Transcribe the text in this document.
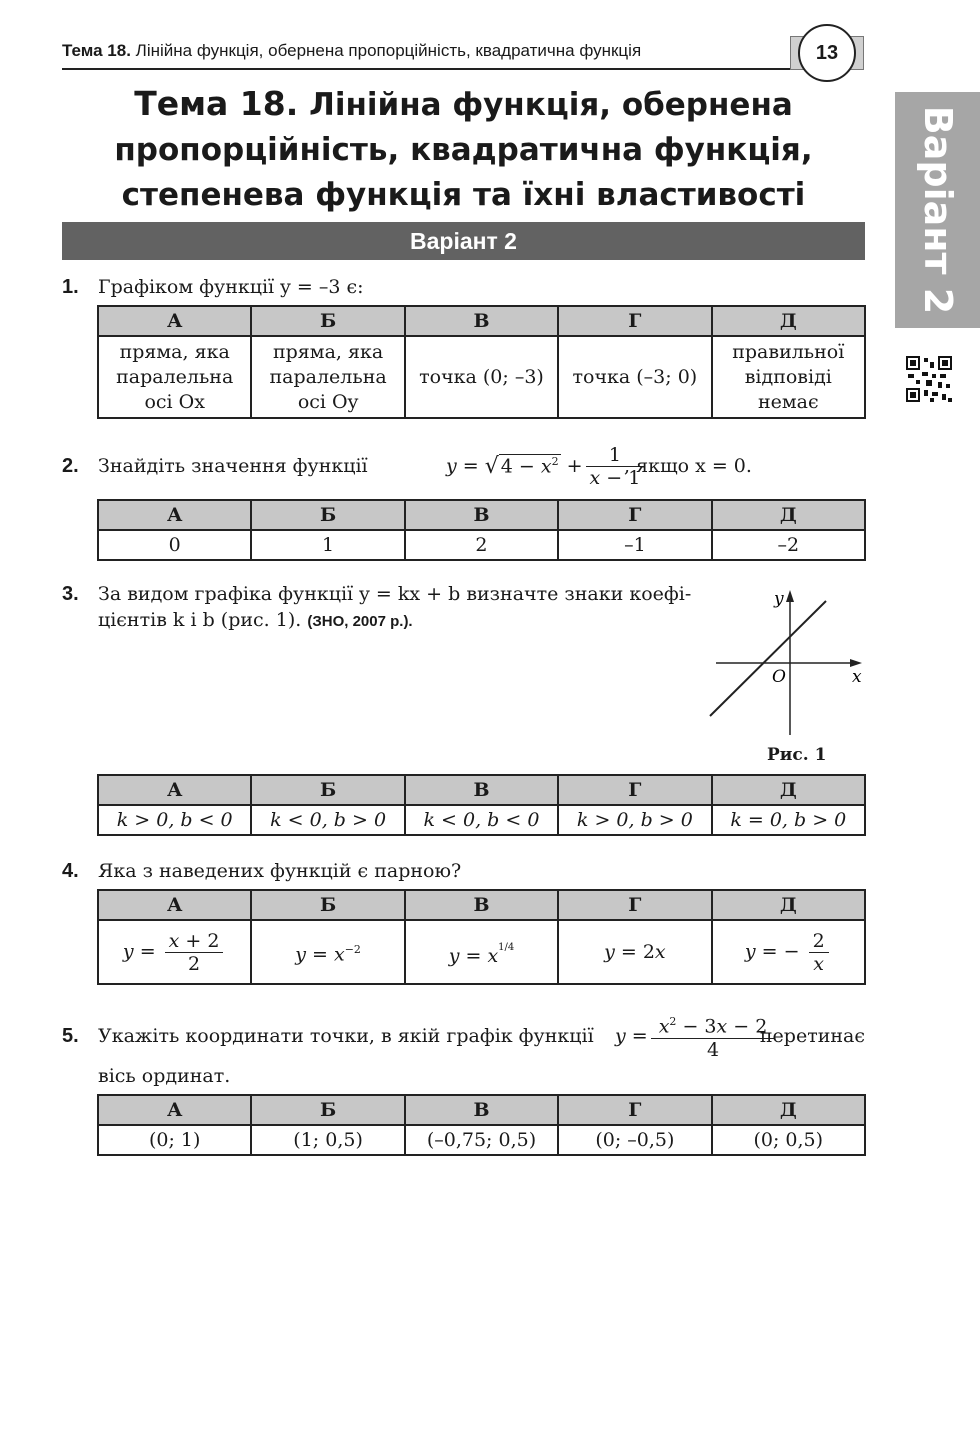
Тема 18. Лінійна функція, обернена пропорційність, квадратична функція	13
Тема 18. Лінійна функція, обернена
пропорційність, квадратична функція,
степенева функція та їхні властивості
Варіант 2	Варіант 2
1. Графіком функції y = –3 є:
А	Б	В	Г	Д
пряма, яка паралельна осі Ox	пряма, яка паралельна осі Oy	точка (0; –3)	точка (–3; 0)	правильної відповіді немає
2. Знайдіть значення функції	y = √ $4 - x^2 + \frac{1}{x - 1}$
, якщо x = 0.
А	Б	В	Г	Д
0	1	2	–1	–2
3. За видом графіка функції y = kx + b визначте знаки коефі-
цієнтів k і b (рис. 1). (ЗНО, 2007 р.).
y
x
O
Рис. 1
А	Б	В	Г	Д
k > 0, b < 0	k < 0, b > 0	k < 0, b < 0	k > 0, b > 0	k = 0, b > 0
4. Яка з наведених функцій є парною?
А	Б	В	Г	Д
$y = \frac{x + 2}{2}$	$y = x^{-2}$	$y = x^{1/4}$	y = 2x	y = − $\frac{2}{x}$
5. Укажіть координати точки, в якій графік функції $y = \frac{x^2 - 3x - 2}{4}$
перетинає
вісь ординат.
А	Б	В	Г	Д
(0; 1)	(1; 0,5)	(–0,75; 0,5)	(0; –0,5)	(0; 0,5)
